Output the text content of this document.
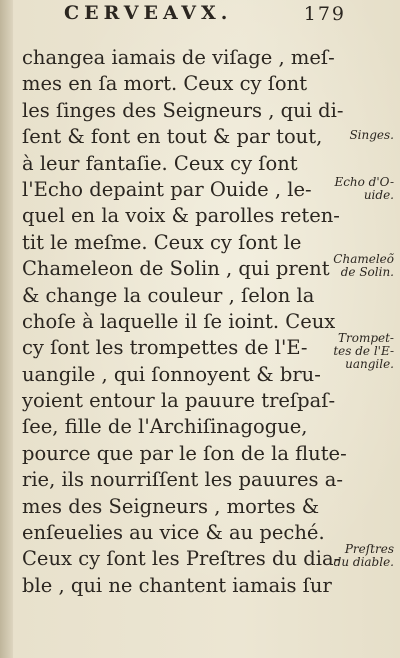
CERVEAVX.	179
changea iamais de viſage , meſ-
mes en ſa mort. Ceux cy ſont
les ſinges des Seigneurs , qui di-
ſent & font en tout & par tout,
à leur fantaſie. Ceux cy ſont
l'Echo depaint par Ouide , le-
quel en la voix & parolles reten-
tit le meſme. Ceux cy ſont le
Chameleon de Solin , qui prent
& change la couleur , ſelon la
choſe à laquelle il ſe ioint. Ceux
cy ſont les trompettes de l'E-
uangile , qui ſonnoyent & bru-
yoient entour la pauure treſpaſ-
ſee, fille de l'Archiſinagogue,
pource que par le ſon de la flute-
rie, ils nourriſſent les pauures a-
mes des Seigneurs , mortes &
enſeuelies au vice & au peché.
Ceux cy ſont les Preſtres du dia-
ble , qui ne chantent iamais ſur
Singes.
Echo d'O-
uide.
Chameleõ
de Solin.
Trompet-
tes de l'E-
uangile.
Preſtres
du diable.
